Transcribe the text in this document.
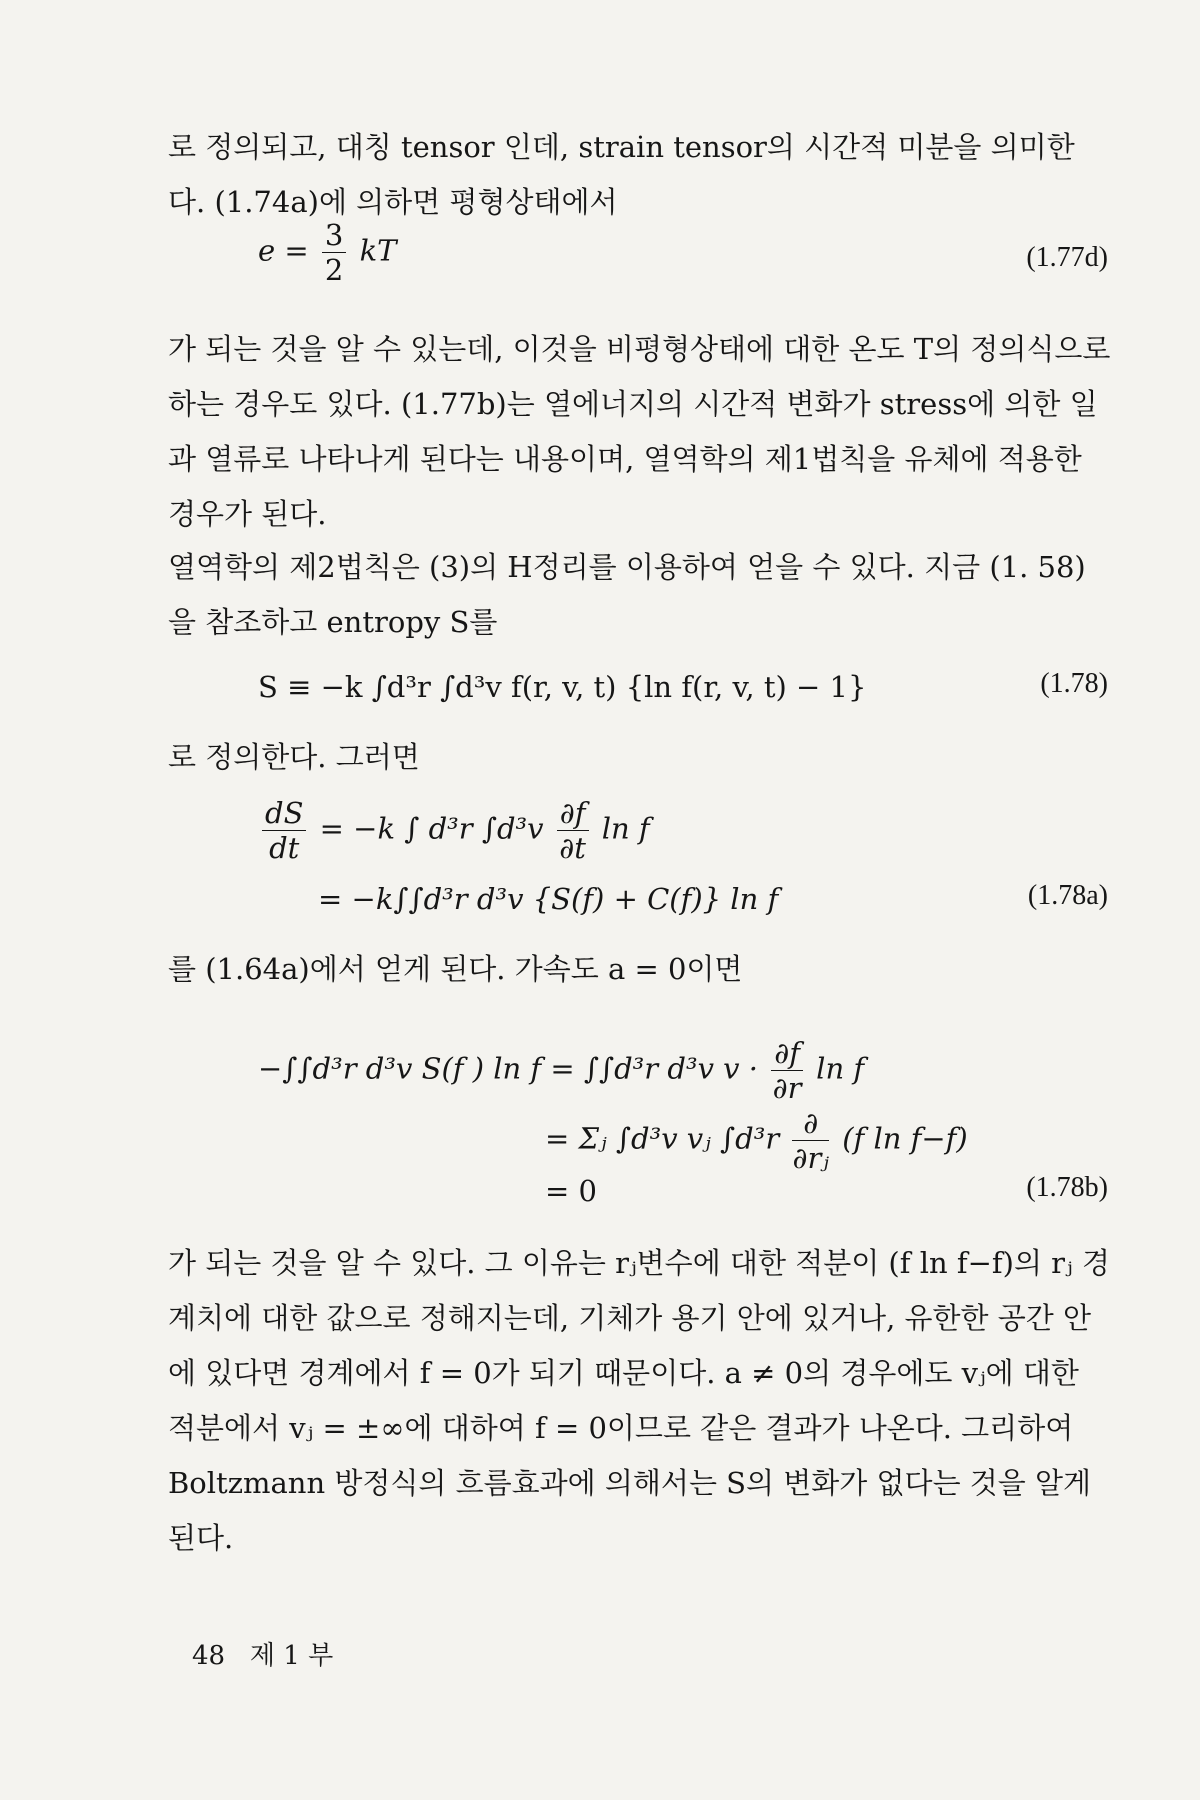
로 정의되고, 대칭 tensor 인데, strain tensor의 시간적 미분을 의미한 다. (1.74a)에 의하면 평형상태에서

$e = \frac{3}{2}$ kT	(1.77d)

가 되는 것을 알 수 있는데, 이것을 비평형상태에 대한 온도 T의 정의식으로 하는 경우도 있다. (1.77b)는 열에너지의 시간적 변화가 stress에 의한 일과 열류로 나타나게 된다는 내용이며, 열역학의 제1법칙을 유체에 적용한 경우가 된다.

열역학의 제2법칙은 (3)의 H정리를 이용하여 얻을 수 있다. 지금 (1. 58)을 참조하고 entropy S를

S ≡ −k ∫d³r ∫d³v f(r, v, t) {ln f(r, v, t) − 1}	(1.78)

로 정의한다. 그러면

$\frac{dS}{dt} = -k$ ∫ d³r $\int d^3v \frac{\partial f}{\partial t}$ ln f
= −k∫∫d³r d³v {S(f) + C(f)} ln f	(1.78a)

를 (1.64a)에서 얻게 된다. 가속도 a = 0이면

−∫∫d³r d³v S(f ) ln f = ∫∫d³r d³v $v \cdot \frac{\partial f}{\partial r}$ ln f
= Σⱼ ∫d³v vⱼ $\int d^3r \frac{\partial}{\text{∂rⱼ}} (f$ ln f−f)
= 0	(1.78b)

가 되는 것을 알 수 있다. 그 이유는 rⱼ변수에 대한 적분이 (f ln f−f)의 rⱼ 경계치에 대한 값으로 정해지는데, 기체가 용기 안에 있거나, 유한한 공간 안에 있다면 경계에서 f = 0가 되기 때문이다. a ≠ 0의 경우에도 vⱼ에 대한 적분에서 vⱼ = ±∞에 대하여 f = 0이므로 같은 결과가 나온다. 그리하여 Boltzmann 방정식의 흐름효과에 의해서는 S의 변화가 없다는 것을 알게 된다.

48 제 1 부
